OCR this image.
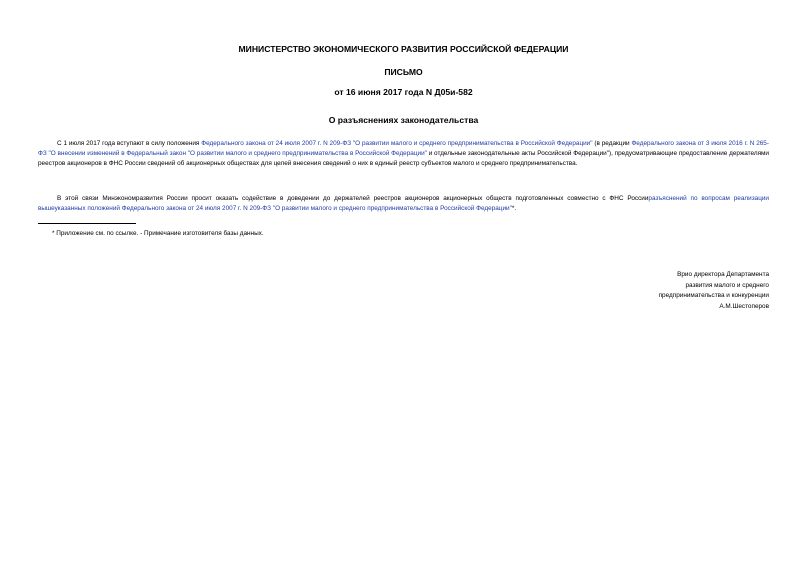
МИНИСТЕРСТВО ЭКОНОМИЧЕСКОГО РАЗВИТИЯ РОССИЙСКОЙ ФЕДЕРАЦИИ
ПИСЬМО
от 16 июня 2017 года N Д05и-582
О разъяснениях законодательства
С 1 июля 2017 года вступают в силу положения Федерального закона от 24 июля 2007 г. N 209-ФЗ "О развитии малого и среднего предпринимательства в Российской Федерации" (в редакции Федерального закона от 3 июля 2016 г. N 265-ФЗ "О внесении изменений в Федеральный закон "О развитии малого и среднего предпринимательства в Российской Федерации" и отдельные законодательные акты Российской Федерации"), предусматривающие предоставление держателями реестров акционеров в ФНС России сведений об акционерных обществах для целей внесения сведений о них в единый реестр субъектов малого и среднего предпринимательства.
В этой связи Минэкономразвития России просит оказать содействие в доведении до держателей реестров акционеров акционерных обществ подготовленных совместно с ФНС Россииразъяснений по вопросам реализации вышеуказанных положений Федерального закона от 24 июля 2007 г. N 209-ФЗ "О развитии малого и среднего предпринимательства в Российской Федерации"*.
* Приложение см. по ссылке. - Примечание изготовителя базы данных.
Врио директора Департамента
развития малого и среднего
предпринимательства и конкуренции
А.М.Шестоперов
